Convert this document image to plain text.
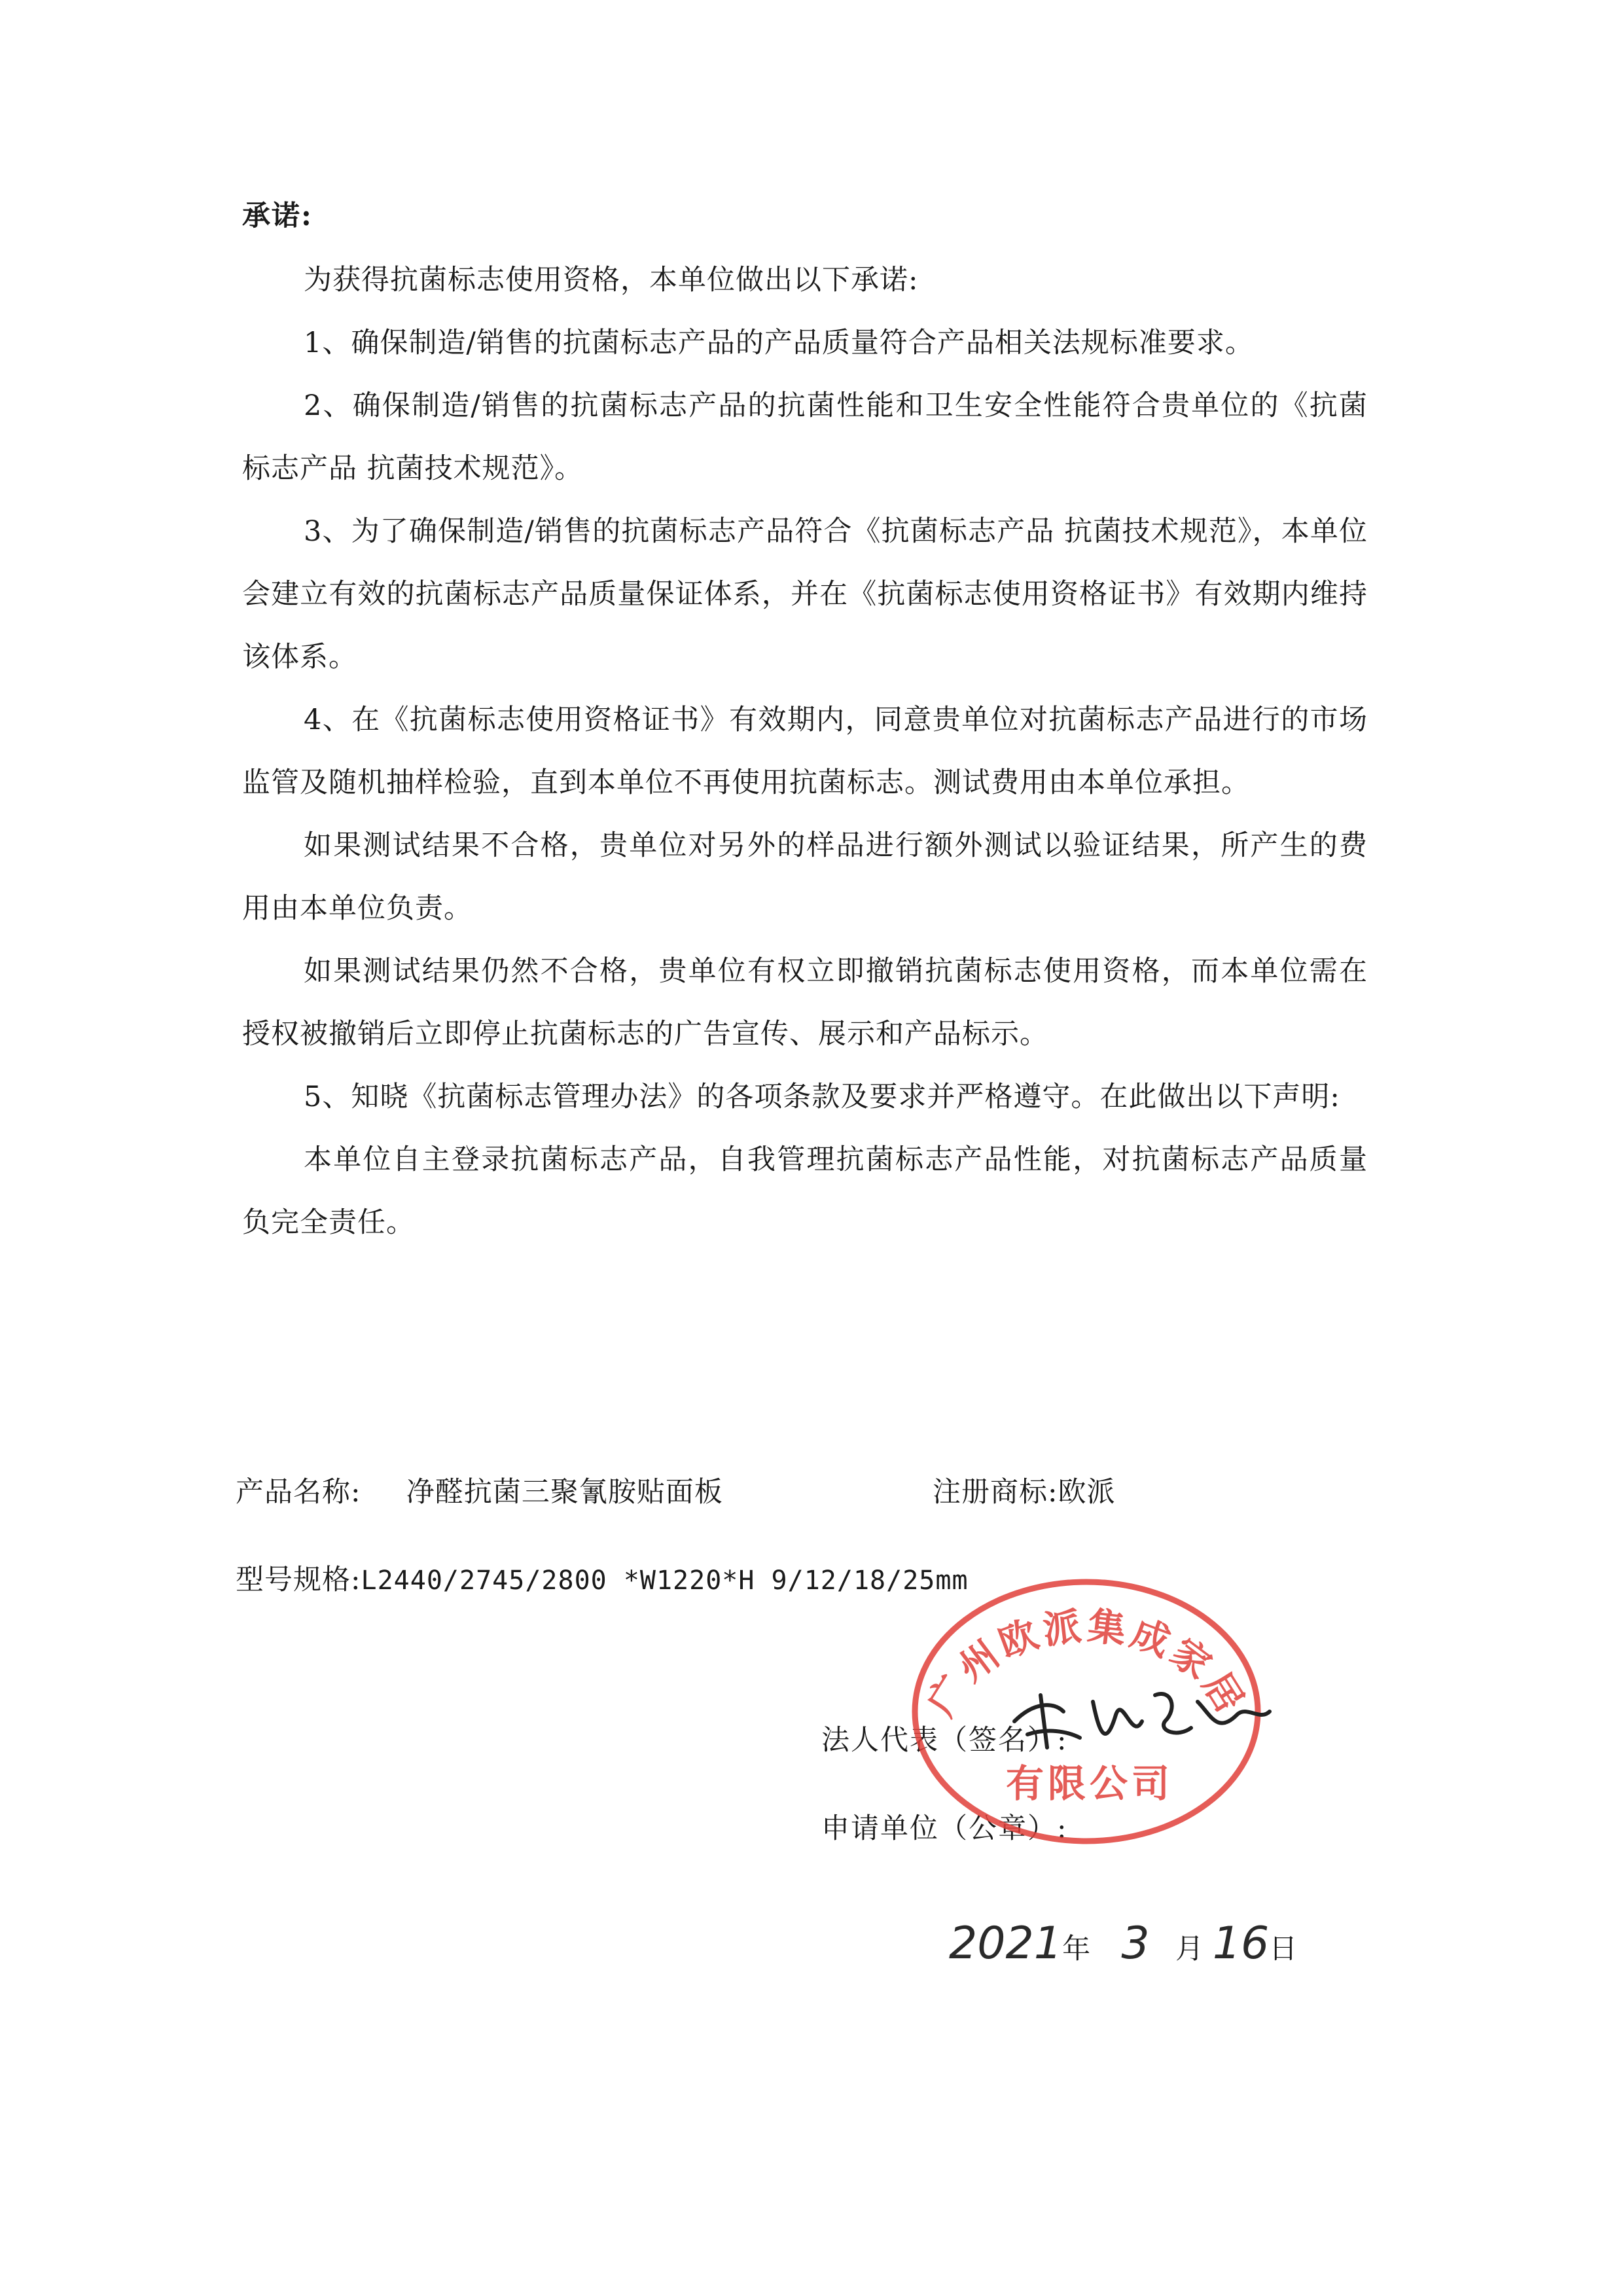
承诺:

为获得抗菌标志使用资格，本单位做出以下承诺:

1、确保制造/销售的抗菌标志产品的产品质量符合产品相关法规标准要求。

2、确保制造/销售的抗菌标志产品的抗菌性能和卫生安全性能符合贵单位的《抗菌标志产品 抗菌技术规范》。

3、为了确保制造/销售的抗菌标志产品符合《抗菌标志产品 抗菌技术规范》，本单位会建立有效的抗菌标志产品质量保证体系，并在《抗菌标志使用资格证书》有效期内维持该体系。

4、在《抗菌标志使用资格证书》有效期内，同意贵单位对抗菌标志产品进行的市场监管及随机抽样检验，直到本单位不再使用抗菌标志。测试费用由本单位承担。

如果测试结果不合格，贵单位对另外的样品进行额外测试以验证结果，所产生的费用由本单位负责。

如果测试结果仍然不合格，贵单位有权立即撤销抗菌标志使用资格，而本单位需在授权被撤销后立即停止抗菌标志的广告宣传、展示和产品标示。

5、知晓《抗菌标志管理办法》的各项条款及要求并严格遵守。在此做出以下声明:

本单位自主登录抗菌标志产品，自我管理抗菌标志产品性能，对抗菌标志产品质量负完全责任。

产品名称: 净醛抗菌三聚氰胺贴面板	注册商标:欧派
型号规格:L2440/2745/2800 *W1220*H 9/12/18/25mm
法人代表（签名）:
申请单位（公章）:
广州欧派集成家居
有限公司
2021年 3 月 16日
